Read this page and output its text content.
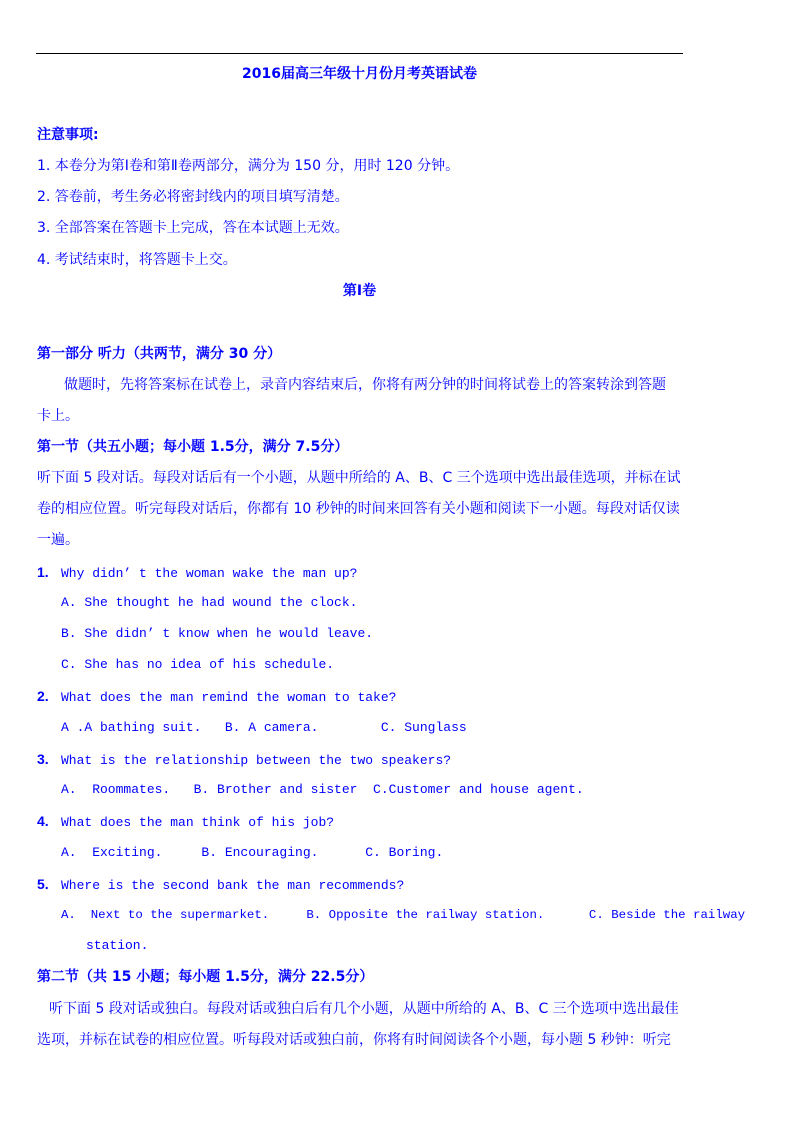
2016届高三年级十月份月考英语试卷
注意事项:
1. 本卷分为第Ⅰ卷和第Ⅱ卷两部分，满分为 150 分，用时 120 分钟。
2. 答卷前，考生务必将密封线内的项目填写清楚。
3. 全部答案在答题卡上完成，答在本试题上无效。
4. 考试结束时，将答题卡上交。
第Ⅰ卷
第一部分 听力（共两节，满分 30 分）
做题时，先将答案标在试卷上，录音内容结束后，你将有两分钟的时间将试卷上的答案转涂到答题
卡上。
第一节（共五小题；每小题 1.5分，满分 7.5分）
听下面 5 段对话。每段对话后有一个小题，从题中所给的 A、B、C 三个选项中选出最佳选项，并标在试
卷的相应位置。听完每段对话后，你都有 10 秒钟的时间来回答有关小题和阅读下一小题。每段对话仅读
一遍。
1. Why didn’ t the woman wake the man up?
A. She thought he had wound the clock.
B. She didn’ t know when he would leave.
C. She has no idea of his schedule.
2. What does the man remind the woman to take?
A .A bathing suit.   B. A camera.        C. Sunglass
3. What is the relationship between the two speakers?
A.  Roommates.   B. Brother and sister  C.Customer and house agent.
4. What does the man think of his job?
A.  Exciting.     B. Encouraging.      C. Boring.
5. Where is the second bank the man recommends?
A.  Next to the supermarket.     B. Opposite the railway station.      C. Beside the railway
station.
第二节（共 15 小题；每小题 1.5分，满分 22.5分）
听下面 5 段对话或独白。每段对话或独白后有几个小题，从题中所给的 A、B、C 三个选项中选出最佳
选项，并标在试卷的相应位置。听每段对话或独白前，你将有时间阅读各个小题，每小题 5 秒钟：听完
